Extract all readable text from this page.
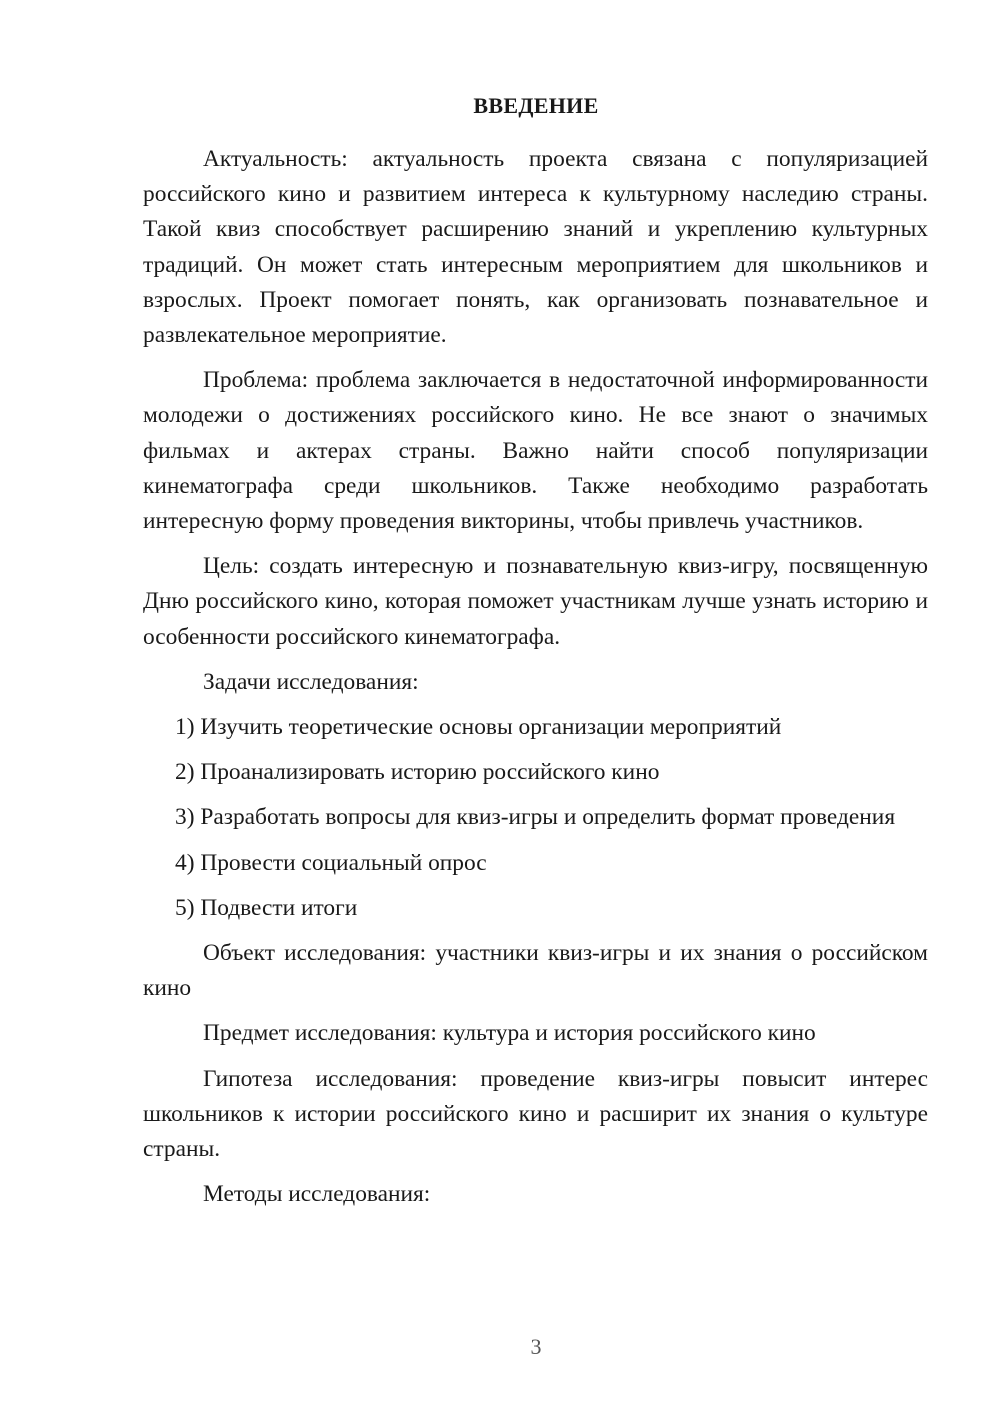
ВВЕДЕНИЕ

Актуальность: актуальность проекта связана с популяризацией российского кино и развитием интереса к культурному наследию страны. Такой квиз способствует расширению знаний и укреплению культурных традиций. Он может стать интересным мероприятием для школьников и взрослых. Проект помогает понять, как организовать познавательное и развлекательное мероприятие.

Проблема: проблема заключается в недостаточной информированности молодежи о достижениях российского кино. Не все знают о значимых фильмах и актерах страны. Важно найти способ популяризации кинематографа среди школьников. Также необходимо разработать интересную форму проведения викторины, чтобы привлечь участников.

Цель: создать интересную и познавательную квиз-игру, посвященную Дню российского кино, которая поможет участникам лучше узнать историю и особенности российского кинематографа.

Задачи исследования:

1) Изучить теоретические основы организации мероприятий

2) Проанализировать историю российского кино

3) Разработать вопросы для квиз-игры и определить формат проведения

4) Провести социальный опрос

5) Подвести итоги

Объект исследования: участники квиз-игры и их знания о российском кино

Предмет исследования: культура и история российского кино

Гипотеза исследования: проведение квиз-игры повысит интерес школьников к истории российского кино и расширит их знания о культуре страны.

Методы исследования:

3
